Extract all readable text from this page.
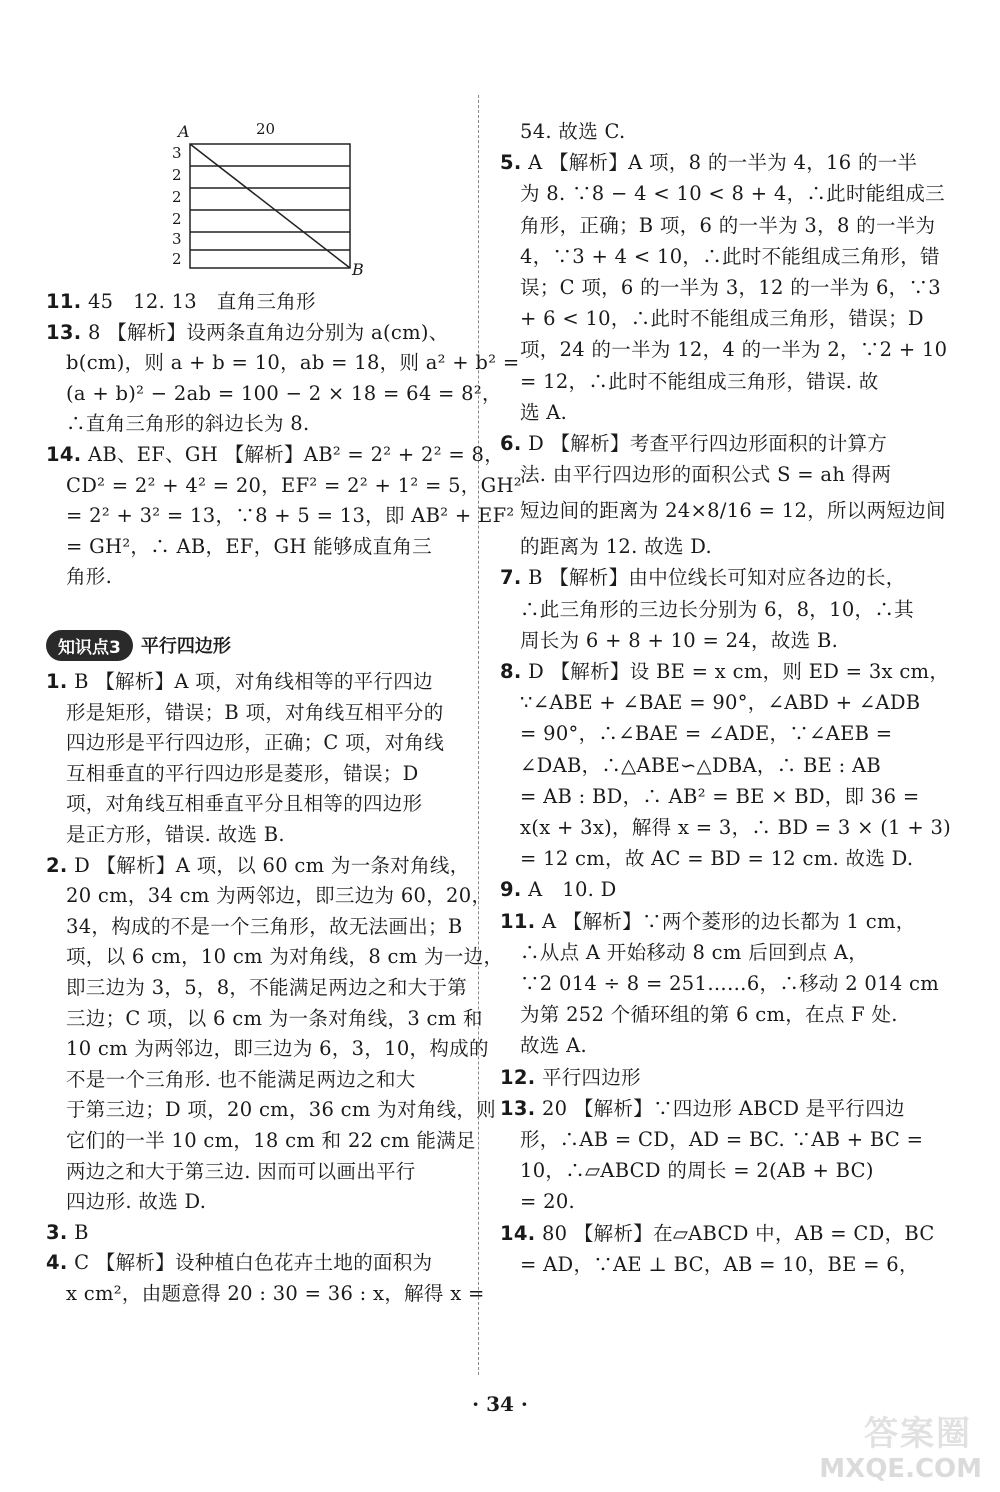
A	20
3
2
2
2
3
2
B
知识点3	平行四边形
11. 45　12. 13　直角三角形
13. 8 【解析】设两条直角边分别为 a(cm)、
b(cm)，则 a + b = 10，ab = 18，则 a² + b² =
(a + b)² − 2ab = 100 − 2 × 18 = 64 = 8²，
∴直角三角形的斜边长为 8.
14. AB、EF、GH 【解析】AB² = 2² + 2² = 8，
CD² = 2² + 4² = 20，EF² = 2² + 1² = 5，GH²
= 2² + 3² = 13，∵8 + 5 = 13，即 AB² + EF²
= GH²，∴ AB，EF，GH 能够成直角三
角形.
1. B 【解析】A 项，对角线相等的平行四边
形是矩形，错误；B 项，对角线互相平分的
四边形是平行四边形，正确；C 项，对角线
互相垂直的平行四边形是菱形，错误；D
项，对角线互相垂直平分且相等的四边形
是正方形，错误. 故选 B.
2. D 【解析】A 项，以 60 cm 为一条对角线，
20 cm，34 cm 为两邻边，即三边为 60，20，
34，构成的不是一个三角形，故无法画出；B
项，以 6 cm，10 cm 为对角线，8 cm 为一边，
即三边为 3，5，8，不能满足两边之和大于第
三边；C 项，以 6 cm 为一条对角线，3 cm 和
10 cm 为两邻边，即三边为 6，3，10，构成的
不是一个三角形. 也不能满足两边之和大
于第三边；D 项，20 cm，36 cm 为对角线，则
它们的一半 10 cm，18 cm 和 22 cm 能满足
两边之和大于第三边. 因而可以画出平行
四边形. 故选 D.
3. B
4. C 【解析】设种植白色花卉土地的面积为
x cm²，由题意得 20 : 30 = 36 : x，解得 x =
54. 故选 C.
5. A 【解析】A 项，8 的一半为 4，16 的一半
为 8. ∵8 − 4 < 10 < 8 + 4，∴此时能组成三
角形，正确；B 项，6 的一半为 3，8 的一半为
4，∵3 + 4 < 10，∴此时不能组成三角形，错
误；C 项，6 的一半为 3，12 的一半为 6，∵3
+ 6 < 10，∴此时不能组成三角形，错误；D
项，24 的一半为 12，4 的一半为 2，∵2 + 10
= 12，∴此时不能组成三角形，错误. 故
选 A.
6. D 【解析】考查平行四边形面积的计算方
法. 由平行四边形的面积公式 S = ah 得两
短边间的距离为 24×8/16 = 12，所以两短边间
的距离为 12. 故选 D.
7. B 【解析】由中位线长可知对应各边的长，
∴此三角形的三边长分别为 6，8，10，∴其
周长为 6 + 8 + 10 = 24，故选 B.
8. D 【解析】设 BE = x cm，则 ED = 3x cm，
∵∠ABE + ∠BAE = 90°，∠ABD + ∠ADB
= 90°，∴∠BAE = ∠ADE，∵∠AEB =
∠DAB，∴△ABE∽△DBA，∴ BE : AB
= AB : BD，∴ AB² = BE × BD，即 36 =
x(x + 3x)，解得 x = 3，∴ BD = 3 × (1 + 3)
= 12 cm，故 AC = BD = 12 cm. 故选 D.
9. A　10. D
11. A 【解析】∵两个菱形的边长都为 1 cm，
∴从点 A 开始移动 8 cm 后回到点 A，
∵2 014 ÷ 8 = 251……6，∴移动 2 014 cm
为第 252 个循环组的第 6 cm，在点 F 处.
故选 A.
12. 平行四边形
13. 20 【解析】∵四边形 ABCD 是平行四边
形，∴AB = CD，AD = BC. ∵AB + BC =
10，∴▱ABCD 的周长 = 2(AB + BC)
= 20.
14. 80 【解析】在▱ABCD 中，AB = CD，BC
= AD，∵AE ⊥ BC，AB = 10，BE = 6，
· 34 ·
答案圈
MXQE.COM
